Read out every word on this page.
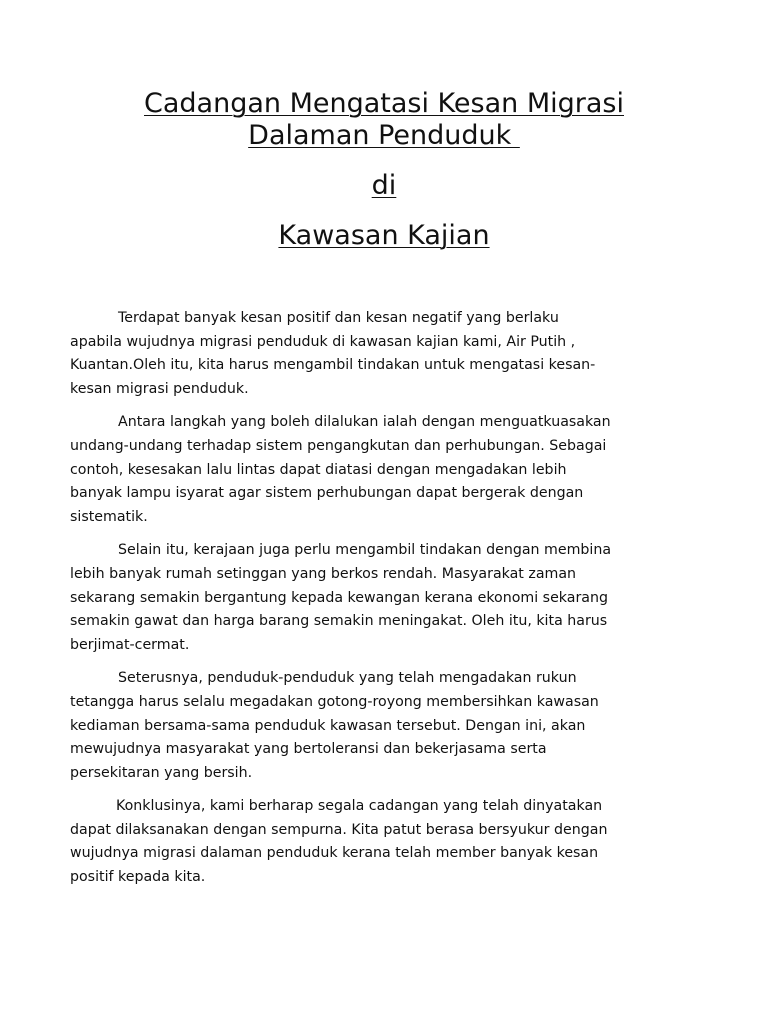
Cadangan Mengatasi Kesan Migrasi

Dalaman Penduduk

di

Kawasan Kajian

Terdapat banyak kesan positif dan kesan negatif yang berlaku
apabila wujudnya migrasi penduduk di kawasan kajian kami, Air Putih ,
Kuantan.Oleh itu, kita harus mengambil tindakan untuk mengatasi kesan-
kesan migrasi penduduk.
Antara langkah yang boleh dilalukan ialah dengan menguatkuasakan
undang-undang terhadap sistem pengangkutan dan perhubungan. Sebagai
contoh, kesesakan lalu lintas dapat diatasi dengan mengadakan lebih
banyak lampu isyarat agar sistem perhubungan dapat bergerak dengan
sistematik.
Selain itu, kerajaan juga perlu mengambil tindakan dengan membina
lebih banyak rumah setinggan yang berkos rendah. Masyarakat zaman
sekarang semakin bergantung kepada kewangan kerana ekonomi sekarang
semakin gawat dan harga barang semakin meningakat. Oleh itu, kita harus
berjimat-cermat.
Seterusnya, penduduk-penduduk yang telah mengadakan rukun
tetangga harus selalu megadakan gotong-royong membersihkan kawasan
kediaman bersama-sama penduduk kawasan tersebut. Dengan ini, akan
mewujudnya masyarakat yang bertoleransi dan bekerjasama serta
persekitaran yang bersih.
Konklusinya, kami berharap segala cadangan yang telah dinyatakan
dapat dilaksanakan dengan sempurna. Kita patut berasa bersyukur dengan
wujudnya migrasi dalaman penduduk kerana telah member banyak kesan
positif kepada kita.
